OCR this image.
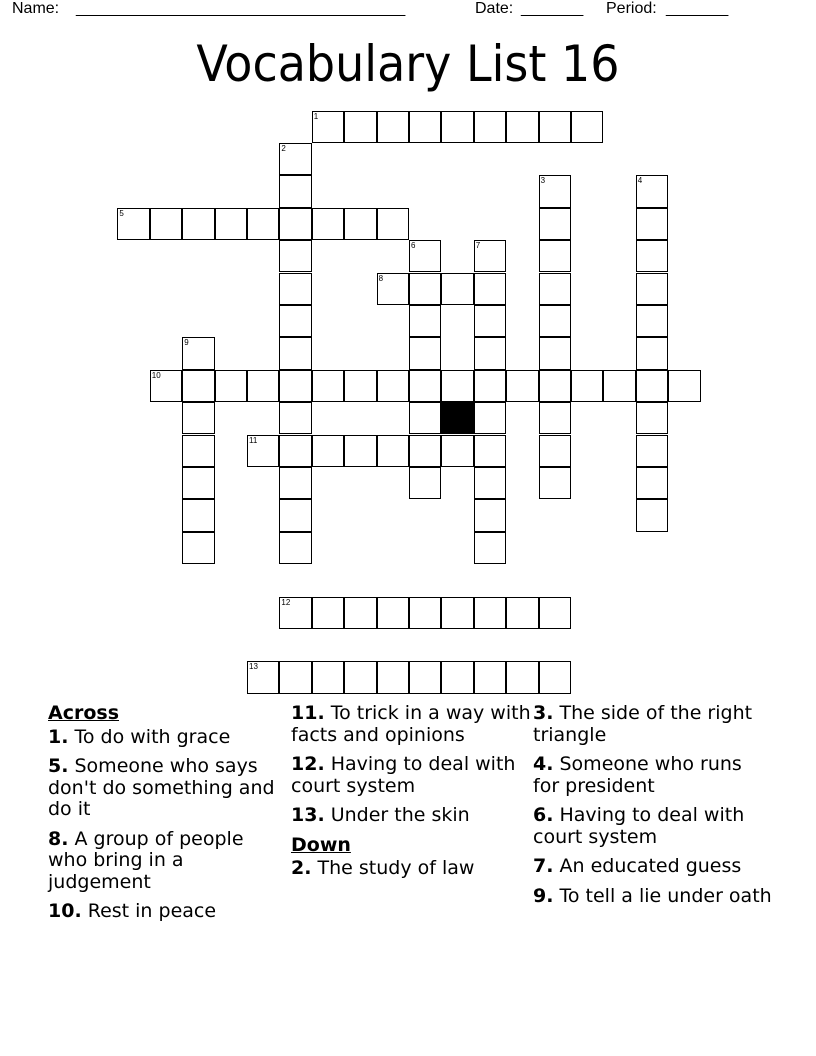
Name: _____________________________________	Date: _______ Period: _______
Vocabulary List 16
1
2
3	4
5
6	7
8
9
10
11
12
13
Across
1. To do with grace
5. Someone who says don't do something and do it
8. A group of people who bring in a judgement
10. Rest in peace
11. To trick in a way with facts and opinions
12. Having to deal with court system
13. Under the skin
Down
2. The study of law
3. The side of the right triangle
4. Someone who runs for president
6. Having to deal with court system
7. An educated guess
9. To tell a lie under oath
